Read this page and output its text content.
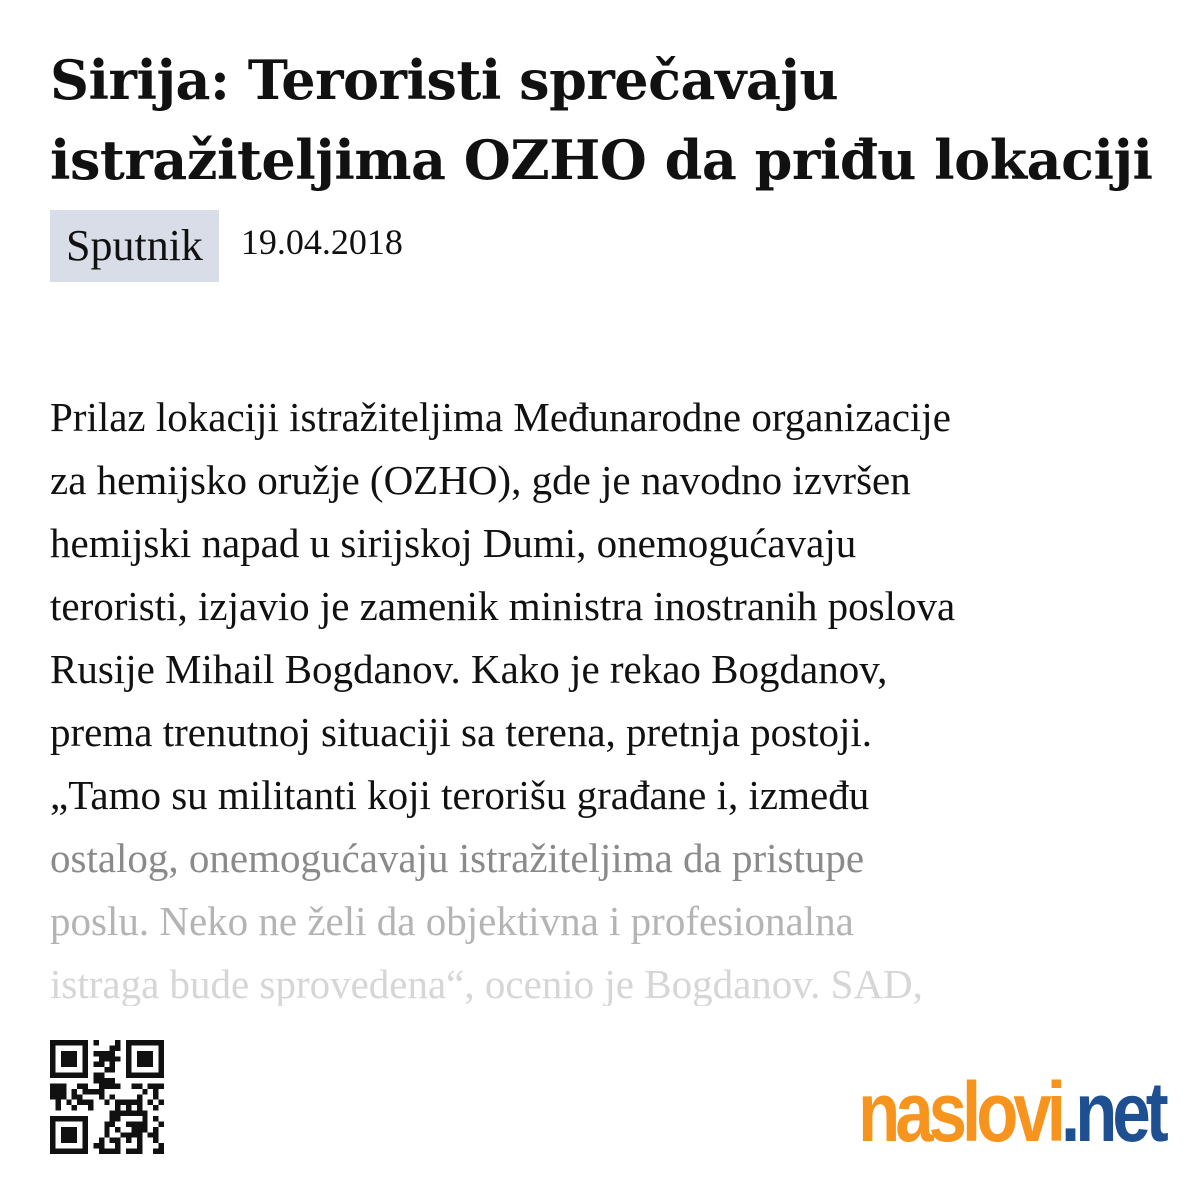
Sirija: Teroristi sprečavaju istražiteljima OZHO da priđu lokaciji
Sputnik	19.04.2018
Prilaz lokaciji istražiteljima Međunarodne organizacije
za hemijsko oružje (OZHO), gde je navodno izvršen
hemijski napad u sirijskoj Dumi, onemogućavaju
teroristi, izjavio je zamenik ministra inostranih poslova
Rusije Mihail Bogdanov. Kako je rekao Bogdanov,
prema trenutnoj situaciji sa terena, pretnja postoji.
„Tamo su militanti koji terorišu građane i, između
ostalog, onemogućavaju istražiteljima da pristupe
poslu. Neko ne želi da objektivna i profesionalna
istraga bude sprovedena“, ocenio je Bogdanov. SAD,
naslovi.net
